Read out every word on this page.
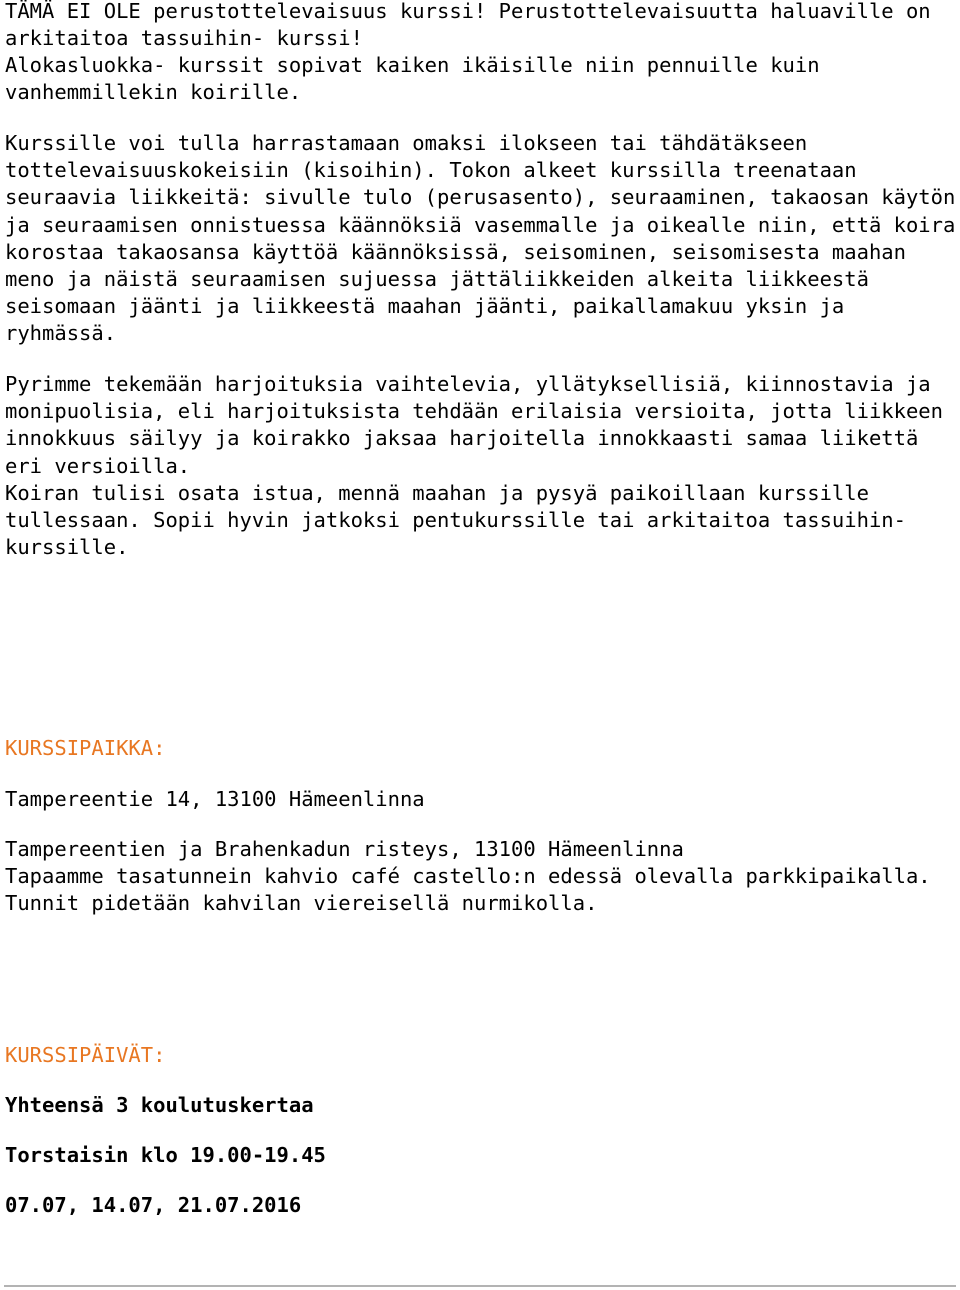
TÄMÄ EI OLE perustottelevaisuus kurssi! Perustottelevaisuutta haluaville on
arkitaitoa tassuihin- kurssi!

Alokasluokka- kurssit sopivat kaiken ikäisille niin pennuille kuin
vanhemmillekin koirille.

Kurssille voi tulla harrastamaan omaksi ilokseen tai tähdätäkseen
tottelevaisuuskokeisiin (kisoihin). Tokon alkeet kurssilla treenataan
seuraavia liikkeitä: sivulle tulo (perusasento), seuraaminen, takaosan käytön
ja seuraamisen onnistuessa käännöksiä vasemmalle ja oikealle niin, että koira
korostaa takaosansa käyttöä käännöksissä, seisominen, seisomisesta maahan
meno ja näistä seuraamisen sujuessa jättäliikkeiden alkeita liikkeestä
seisomaan jäänti ja liikkeestä maahan jäänti, paikallamakuu yksin ja
ryhmässä.

Pyrimme tekemään harjoituksia vaihtelevia, yllätyksellisiä, kiinnostavia ja
monipuolisia, eli harjoituksista tehdään erilaisia versioita, jotta liikkeen
innokkuus säilyy ja koirakko jaksaa harjoitella innokkaasti samaa liikettä
eri versioilla.

Koiran tulisi osata istua, mennä maahan ja pysyä paikoillaan kurssille
tullessaan. Sopii hyvin jatkoksi pentukurssille tai arkitaitoa tassuihin-
kurssille.

KURSSIPAIKKA:

Tampereentie 14, 13100 Hämeenlinna

Tampereentien ja Brahenkadun risteys, 13100 Hämeenlinna
Tapaamme tasatunnein kahvio café castello:n edessä olevalla parkkipaikalla.
Tunnit pidetään kahvilan viereisellä nurmikolla.

KURSSIPÄIVÄT:

Yhteensä 3 koulutuskertaa

Torstaisin klo 19.00-19.45

07.07, 14.07, 21.07.2016
